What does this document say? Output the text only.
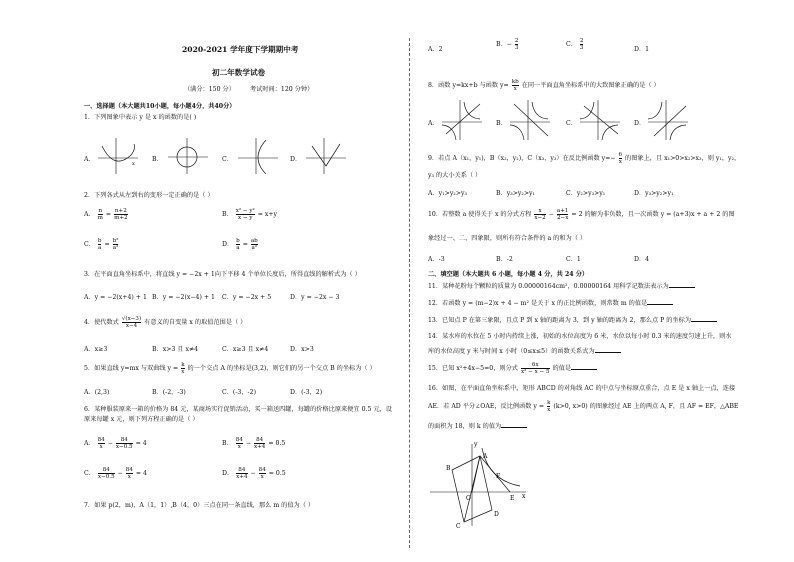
2020-2021 学年度下学期期中考
初二年数学试卷
（满分：150 分） 考试时间：120 分钟）
一、选择题（本大题共10小题，每小题4分，共40分）
1．下列图象中表示 y 是 x 的函数的是( )
A．
x
B．	C．	D．
2．下列各式从左到右的变形一定正确的是（ ）
A． $\frac{n}{m} = \frac{n+2}{m+2}$	B． $\frac{\text{x² − y²}}{x - y} = x+y$
C． $\frac{b}{a} = \frac{\text{b²}}{\text{a²}}$	D． $\frac{b}{a} = \frac{ab}{\text{a²}}$
3．在平面直角坐标系中，将直线 y = −2x + 1向下平移 4 个单位长度后，所得直线的解析式为（ ）
A．y = −2(x+4) + 1 B．y = −2(x−4) + 1 C．y = −2x + 5	D．y = −2x − 3
4．使代数式 $\frac{√(x-3)}{x-4}$ 有意义的自变量 x 的取值范围是（ ）
A．x≥3	B．x>3 且 x≠4	C．x≥3 且 x≠4	D．x>3
5．如果直线 y=mx 与双曲线 $y = \frac{k}{x}$ 的一个交点 A 的坐标是(3,2)，则它们的另一个交点 B 的坐标为（ ）
A．(2,3)	B．(-2，-3)	C．(-3，-2)	D．(-3，2)
6．某种服装原来一箱的价格为 84 元，某商场实行促销活动，买一箱送四罐，每罐的价格比原来便宜 0.5 元，设
原来每罐 x 元，则下列方程正确的是（ ）
A． $\frac{84}{x} - \frac{84}{x-0.5} = 4$	B． $\frac{84}{x} - \frac{84}{x+4} = 0.5$
C． $\frac{84}{x-0.5} - \frac{84}{x} = 4$	D． $\frac{84}{x+4} - \frac{84}{x} = 0.5$
7．如果 p(2，m)，A（1，1）,B（4，0）三点在同一条直线，那么 m 的值为（ ）
A．2
B．− $\frac{2}{3}$	C． $\frac{2}{3}$	D．1
8．函数 y=kx+b 与函数 $y= \frac{kb}{x}$ 在同一平面直角坐标系中的大致图象正确的是（ ）
A．	B．	C．	D．
9．若点 A（x₁，y₁)，B（x₂，y₂)，C（x₃，y₃）在反比例函数 $y=- \frac{6}{x}$ 的图象上，且 x₁>0>x₂>x₃，则 y₁，y₂，
y₃ 的大小关系（ ）
A．y₁>y₂>y₃	B．y₃>y₂>y₁	C．y₂>y₃>y₁	D．y₃>y₂>y₁
10．若整数 a 使得关于 x 的分式方程 $\frac{x}{x-2} - \frac{a+1}{2-x} = 2$ 的解为非负数，且一次函数 y = (a+3)x + a + 2 的图
象经过一、二、四象限，则所有符合条件的 a 的和为（ ）
A．-3	B．-2	C．1	D．4
二、填空题（本大题共 6 小题，每小题 4 分，共 24 分）
11．某种花粉每个颗粒的质量为 0.00000164cm²，0.00000164 用科学记数法表示为
12．若函数 y = (m−2)x + 4 − m² 是关于 x 的正比例函数，则常数 m 的值是
13．已知点 P 在第三象限，且点 P 到 x 轴的距离为 3，到 y 轴的距离为 2，那么点 P 的坐标为
14．某水库的水位在 5 小时内持续上涨，初始的水位高度为 6 米，水位以每小时 0.3 米的速度匀速上升，则水
库的水位高度 y 米与时间 x 小时（0≤x≤5）的函数关系式为
15．已知 x²+4x−5=0，则分式 $\frac{6x}{\text{x² − x − 5}}$ 的值是
16．如图，在平面直角坐标系中，矩形 ABCD 的对角线 AC 的中点与坐标原点重合，点 E 是 x 轴上一点，连接
AE．若 AD 平分∠OAE，反比例函数 $y = \frac{k}{x} (k>0$, x>0) 的图象经过 AE 上的两点 A, F，且 AF = EF，△ABE
的面积为 18，则 k 的值为
A
B
C
D
E
F
O	x
y
